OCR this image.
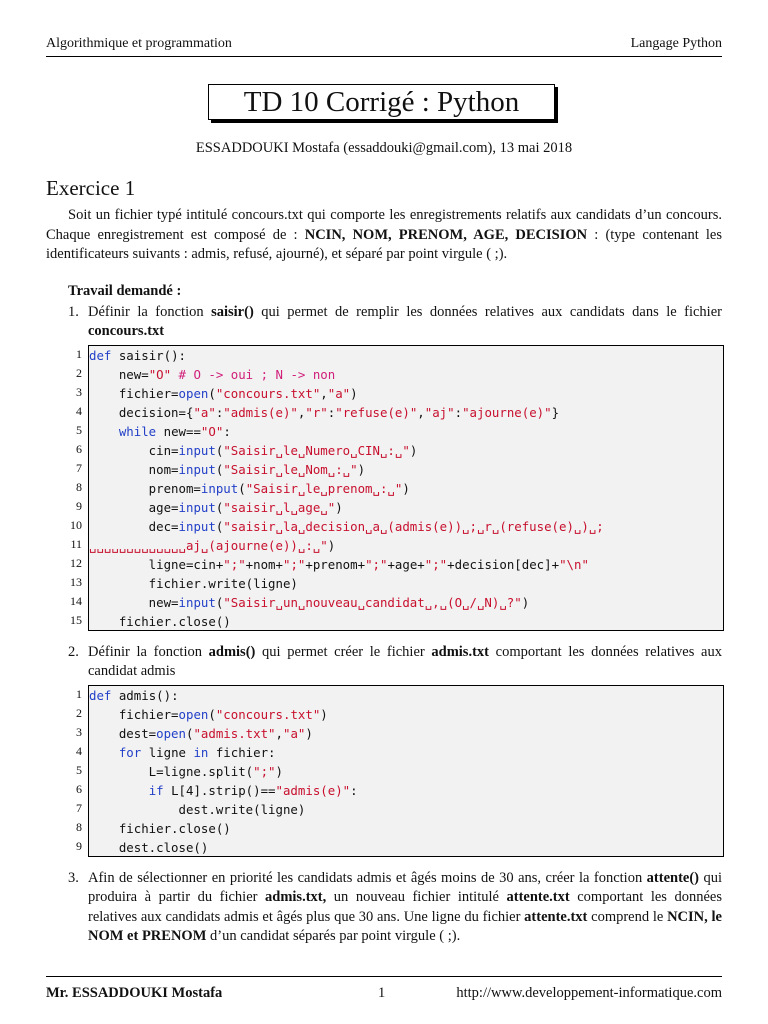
Algorithmique et programmation	Langage Python
TD 10 Corrigé : Python
ESSADDOUKI Mostafa (essaddouki@gmail.com), 13 mai 2018
Exercice 1
Soit un fichier typé intitulé concours.txt qui comporte les enregistrements relatifs aux candidats d’un concours. Chaque enregistrement est composé de : NCIN, NOM, PRENOM, AGE, DECISION : (type contenant les identificateurs suivants : admis, refusé, ajourné), et séparé par point virgule ( ;).
Travail demandé :
1. Définir la fonction saisir() qui permet de remplir les données relatives aux candidats dans le fichier concours.txt
1
2
3
4
5
6
7
8
9
10
11
12
13
14
15
def saisir():
new="O" # O -> oui ; N -> non
fichier=open("concours.txt","a")
decision={"a":"admis(e)","r":"refuse(e)","aj":"ajourne(e)"}
while new=="O":
cin=input("Saisir␣le␣Numero␣CIN␣:␣")
nom=input("Saisir␣le␣Nom␣:␣")
prenom=input("Saisir␣le␣prenom␣:␣")
age=input("saisir␣l␣age␣")
dec=input("saisir␣la␣decision␣a␣(admis(e))␣;␣r␣(refuse(e)␣)␣;
␣␣␣␣␣␣␣␣␣␣␣␣␣aj␣(ajourne(e))␣:␣")
ligne=cin+";"+nom+";"+prenom+";"+age+";"+decision[dec]+"\n"
fichier.write(ligne)
new=input("Saisir␣un␣nouveau␣candidat␣,␣(O␣/␣N)␣?")
fichier.close()
2. Définir la fonction admis() qui permet créer le fichier admis.txt comportant les données relatives aux candidat admis
1
2
3
4
5
6
7
8
9
def admis():
fichier=open("concours.txt")
dest=open("admis.txt","a")
for ligne in fichier:
L=ligne.split(";")
if L[4].strip()=="admis(e)":
dest.write(ligne)
fichier.close()
dest.close()
3. Afin de sélectionner en priorité les candidats admis et âgés moins de 30 ans, créer la fonction attente() qui produira à partir du fichier admis.txt, un nouveau fichier intitulé attente.txt comportant les données relatives aux candidats admis et âgés plus que 30 ans. Une ligne du fichier attente.txt comprend le NCIN, le NOM et PRENOM d’un candidat séparés par point virgule ( ;).
Mr. ESSADDOUKI Mostafa	1	http://www.developpement-informatique.com
